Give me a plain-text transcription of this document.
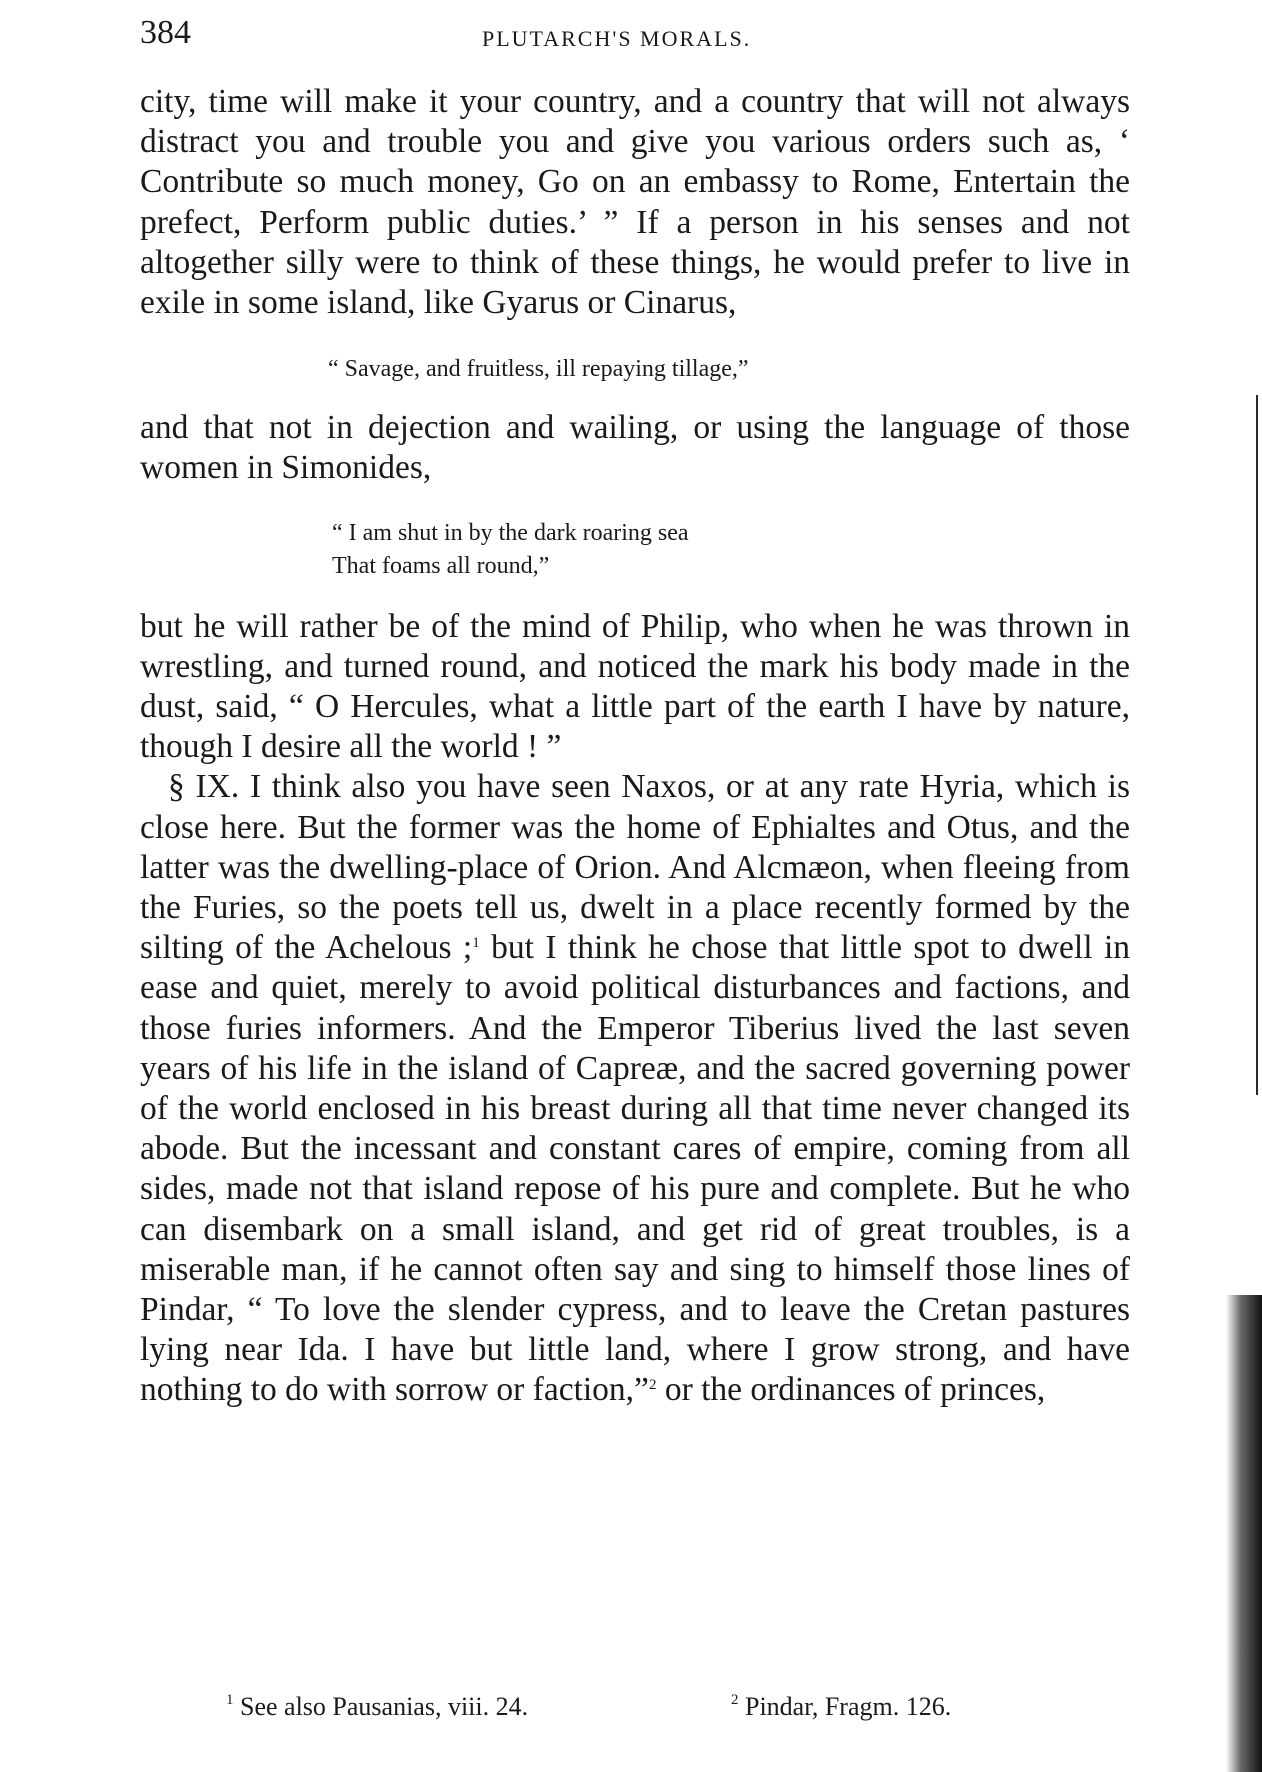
384	PLUTARCH'S MORALS.

city, time will make it your country, and a country that will not always distract you and trouble you and give you various orders such as, ‘ Contribute so much money, Go on an embassy to Rome, Entertain the prefect, Perform public duties.’ ” If a person in his senses and not altogether silly were to think of these things, he would prefer to live in exile in some island, like Gyarus or Cinarus,

“ Savage, and fruitless, ill repaying tillage,”

and that not in dejection and wailing, or using the language of those women in Simonides,

“ I am shut in by the dark roaring sea
That foams all round,”

but he will rather be of the mind of Philip, who when he was thrown in wrestling, and turned round, and noticed the mark his body made in the dust, said, “ O Hercules, what a little part of the earth I have by nature, though I desire all the world ! ”

§ IX. I think also you have seen Naxos, or at any rate Hyria, which is close here. But the former was the home of Ephialtes and Otus, and the latter was the dwelling-place of Orion. And Alcmæon, when fleeing from the Furies, so the poets tell us, dwelt in a place recently formed by the silting of the Achelous ;$^1$ but I think he chose that little spot to dwell in ease and quiet, merely to avoid political disturbances and factions, and those furies informers. And the Emperor Tiberius lived the last seven years of his life in the island of Capreæ, and the sacred governing power of the world enclosed in his breast during all that time never changed its abode. But the incessant and constant cares of empire, coming from all sides, made not that island repose of his pure and complete. But he who can disembark on a small island, and get rid of great troubles, is a miserable man, if he cannot often say and sing to himself those lines of Pindar, “ To love the slender cypress, and to leave the Cretan pastures lying near Ida. I have but little land, where I grow strong, and have nothing to do with sorrow or faction,”$^2$ or the ordinances of princes,

$^1$ See also Pausanias, viii. 24.	$^2$ Pindar, Fragm. 126.
